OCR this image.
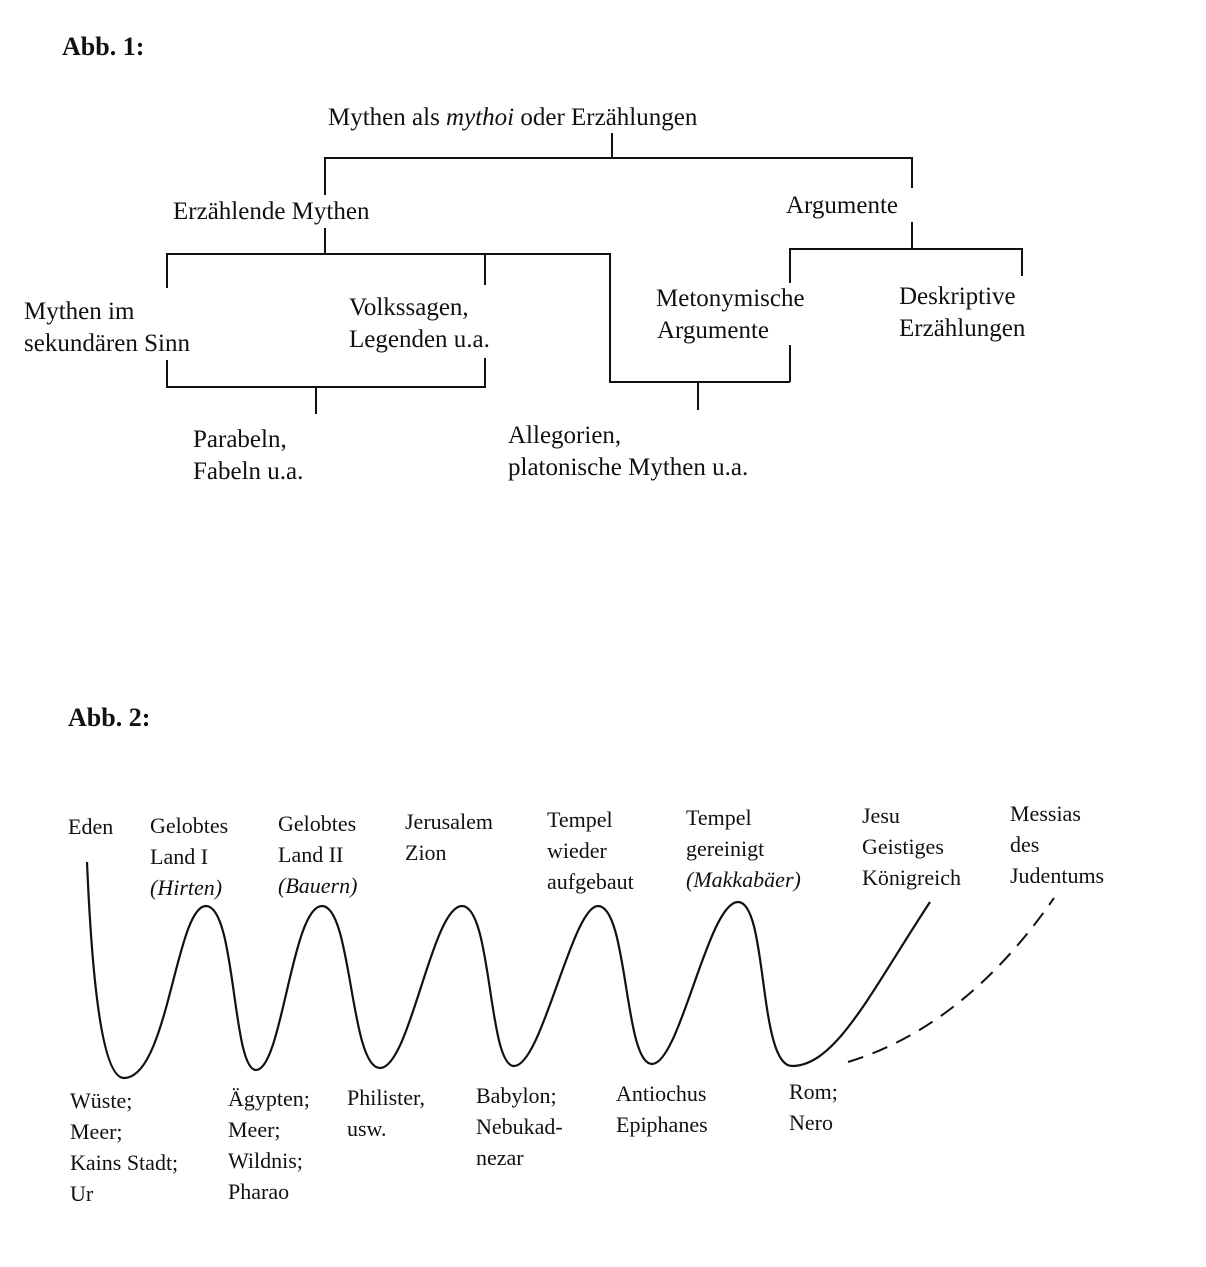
Abb. 1:
Mythen als mythoi oder Erzählungen
Erzählende Mythen	Argumente
Mythen im
sekundären Sinn
Volkssagen,
Legenden u.a.
Metonymische
Argumente
Deskriptive
Erzählungen
Parabeln,
Fabeln u.a.
Allegorien,
platonische Mythen u.a.
Abb. 2:
Eden Gelobtes
Land I
(Hirten)
Gelobtes
Land II
(Bauern)
Jerusalem
Zion
Tempel
wieder
aufgebaut
Tempel
gereinigt
(Makkabäer)
Jesu
Geistiges
Königreich
Messias
des
Judentums
Wüste;
Meer;
Kains Stadt;
Ur
Ägypten;
Meer;
Wildnis;
Pharao
Philister,
usw.
Babylon;
Nebukad-
nezar
Antiochus
Epiphanes
Rom;
Nero
